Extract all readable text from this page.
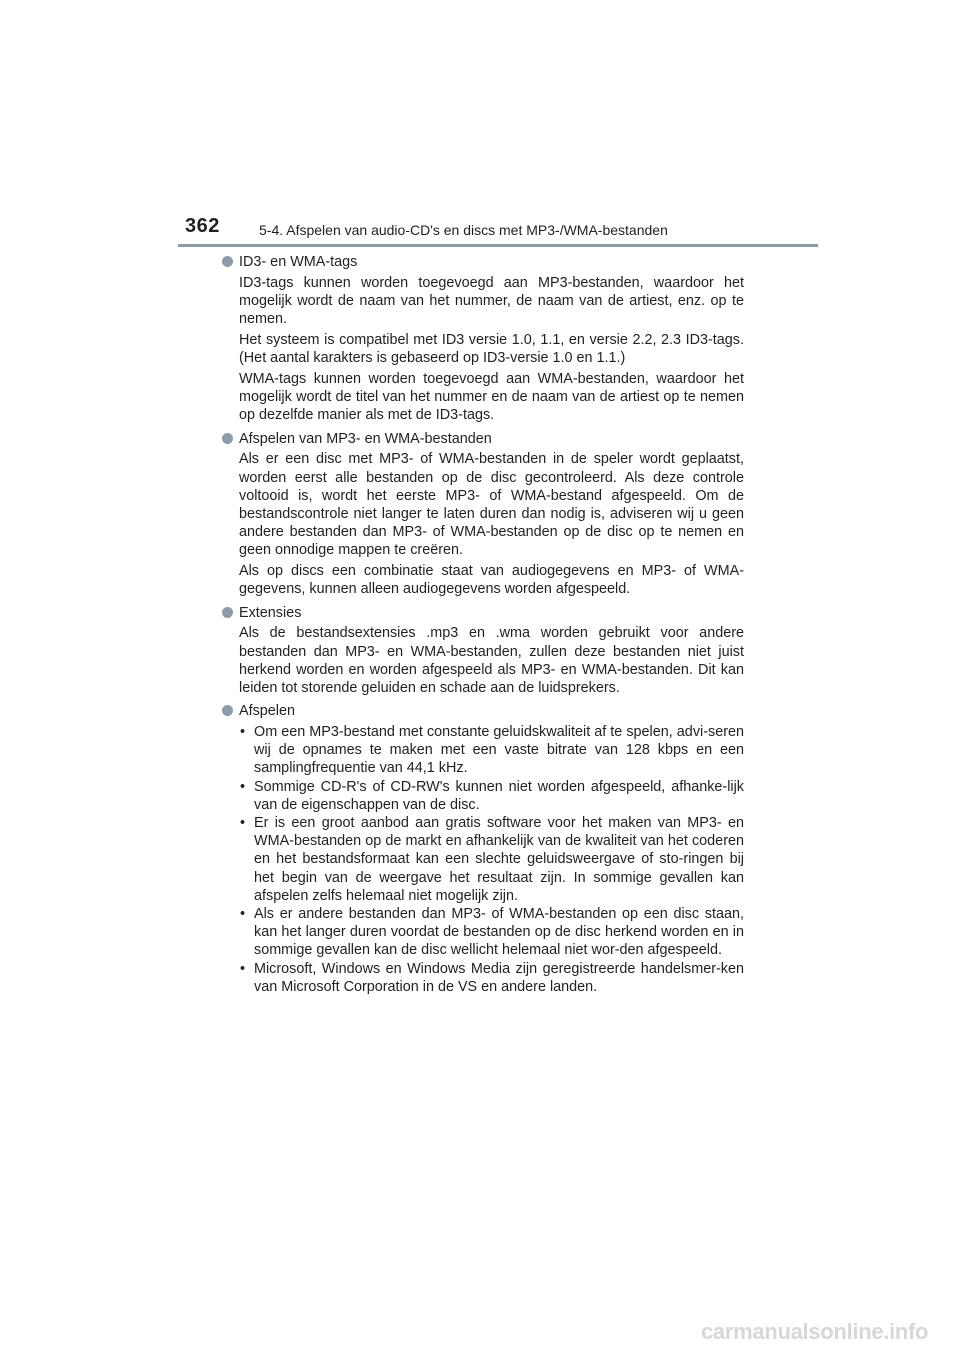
362	5-4. Afspelen van audio-CD's en discs met MP3-/WMA-bestanden
ID3- en WMA-tags

ID3-tags kunnen worden toegevoegd aan MP3-bestanden, waardoor het mogelijk wordt de naam van het nummer, de naam van de artiest, enz. op te nemen.

Het systeem is compatibel met ID3 versie 1.0, 1.1, en versie 2.2, 2.3 ID3-tags. (Het aantal karakters is gebaseerd op ID3-versie 1.0 en 1.1.)

WMA-tags kunnen worden toegevoegd aan WMA-bestanden, waardoor het mogelijk wordt de titel van het nummer en de naam van de artiest op te nemen op dezelfde manier als met de ID3-tags.

Afspelen van MP3- en WMA-bestanden

Als er een disc met MP3- of WMA-bestanden in de speler wordt geplaatst, worden eerst alle bestanden op de disc gecontroleerd. Als deze controle voltooid is, wordt het eerste MP3- of WMA-bestand afgespeeld. Om de bestandscontrole niet langer te laten duren dan nodig is, adviseren wij u geen andere bestanden dan MP3- of WMA-bestanden op de disc op te nemen en geen onnodige mappen te creëren.

Als op discs een combinatie staat van audiogegevens en MP3- of WMA-gegevens, kunnen alleen audiogegevens worden afgespeeld.

Extensies

Als de bestandsextensies .mp3 en .wma worden gebruikt voor andere bestanden dan MP3- en WMA-bestanden, zullen deze bestanden niet juist herkend worden en worden afgespeeld als MP3- en WMA-bestanden. Dit kan leiden tot storende geluiden en schade aan de luidsprekers.

Afspelen
• Om een MP3-bestand met constante geluidskwaliteit af te spelen, advi-seren wij de opnames te maken met een vaste bitrate van 128 kbps en een samplingfrequentie van 44,1 kHz.
• Sommige CD-R's of CD-RW's kunnen niet worden afgespeeld, afhanke-lijk van de eigenschappen van de disc.
• Er is een groot aanbod aan gratis software voor het maken van MP3- en WMA-bestanden op de markt en afhankelijk van de kwaliteit van het coderen en het bestandsformaat kan een slechte geluidsweergave of sto-ringen bij het begin van de weergave het resultaat zijn. In sommige gevallen kan afspelen zelfs helemaal niet mogelijk zijn.
• Als er andere bestanden dan MP3- of WMA-bestanden op een disc staan, kan het langer duren voordat de bestanden op de disc herkend worden en in sommige gevallen kan de disc wellicht helemaal niet wor-den afgespeeld.
• Microsoft, Windows en Windows Media zijn geregistreerde handelsmer-ken van Microsoft Corporation in de VS en andere landen.
carmanualsonline.info
